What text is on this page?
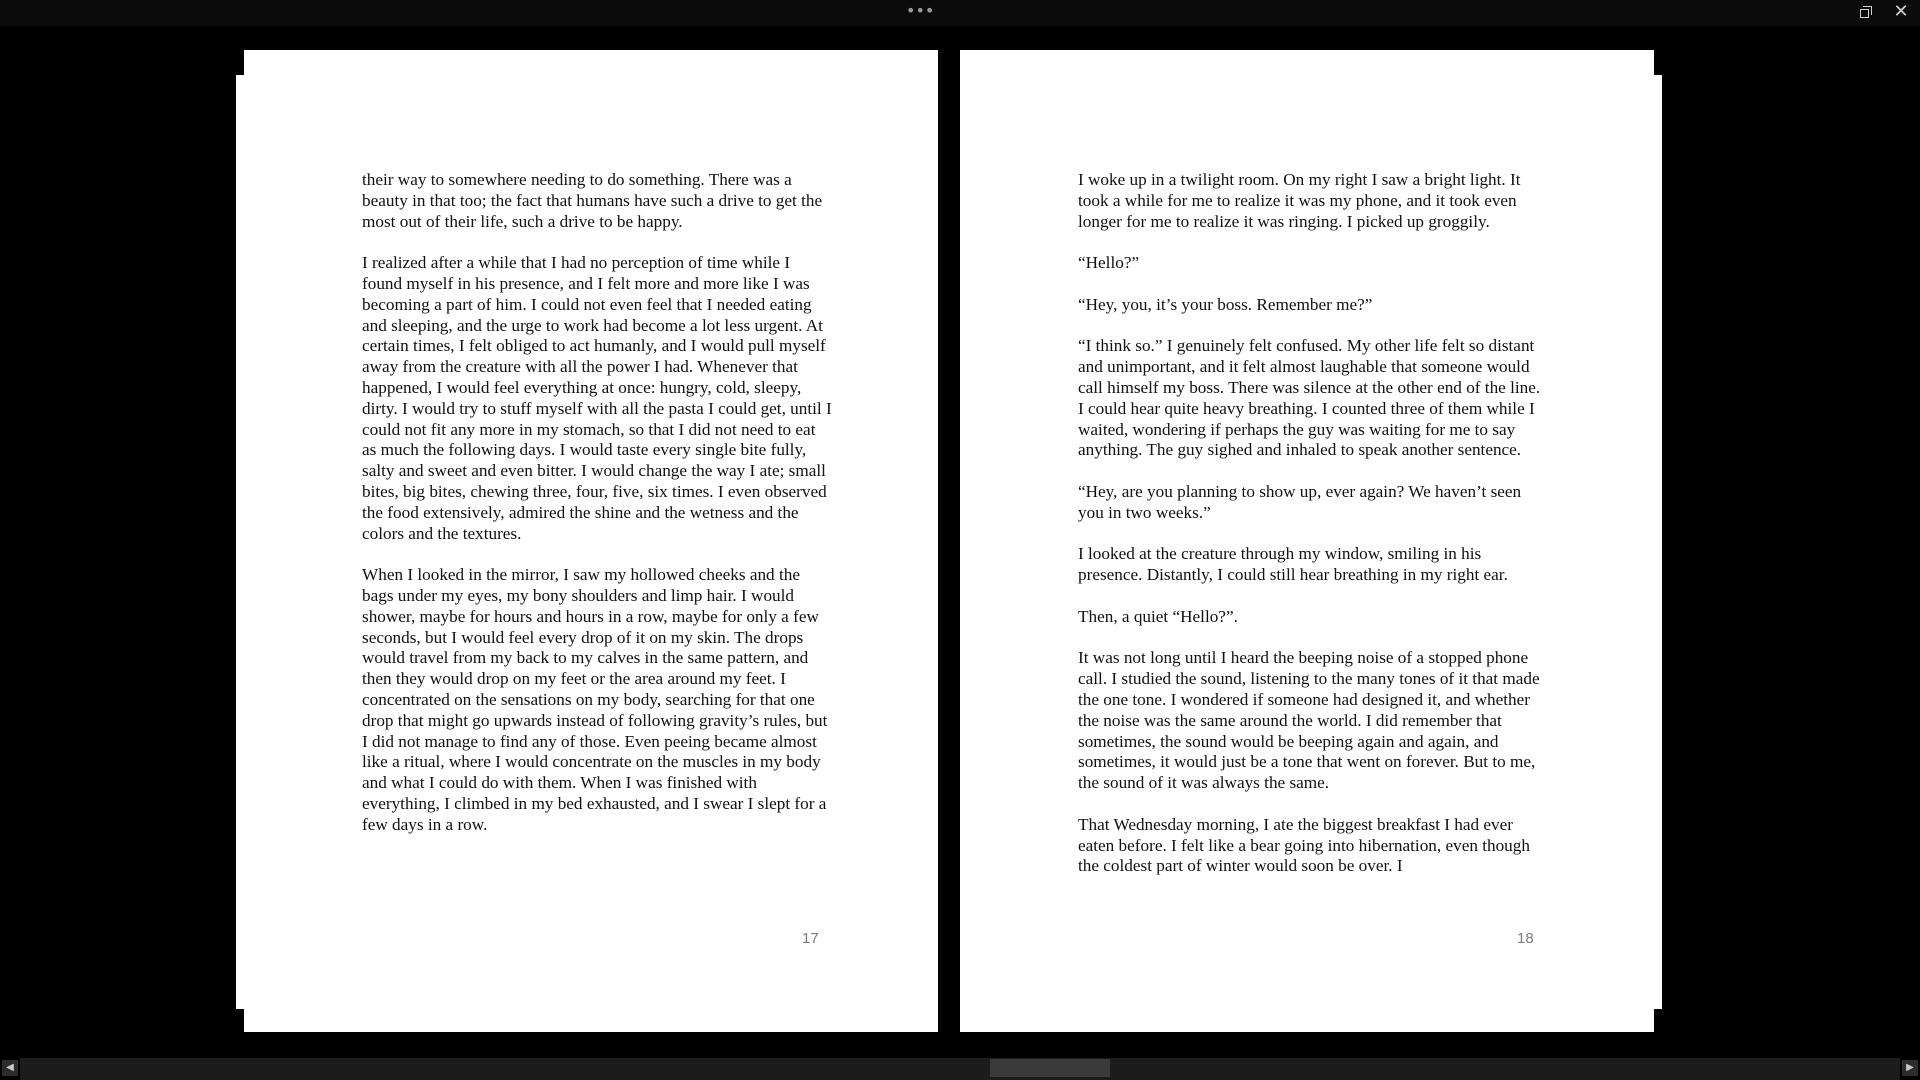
•••	✕

their way to somewhere needing to do something. There was a beauty in that too; the fact that humans have such a drive to get the most out of their life, such a drive to be happy.

I realized after a while that I had no perception of time while I found myself in his presence, and I felt more and more like I was becoming a part of him. I could not even feel that I needed eating and sleeping, and the urge to work had become a lot less urgent. At certain times, I felt obliged to act humanly, and I would pull myself away from the creature with all the power I had. Whenever that happened, I would feel everything at once: hungry, cold, sleepy, dirty. I would try to stuff myself with all the pasta I could get, until I could not fit any more in my stomach, so that I did not need to eat as much the following days. I would taste every single bite fully, salty and sweet and even bitter. I would change the way I ate; small bites, big bites, chewing three, four, five, six times. I even observed the food extensively, admired the shine and the wetness and the colors and the textures.

When I looked in the mirror, I saw my hollowed cheeks and the bags under my eyes, my bony shoulders and limp hair. I would shower, maybe for hours and hours in a row, maybe for only a few seconds, but I would feel every drop of it on my skin. The drops would travel from my back to my calves in the same pattern, and then they would drop on my feet or the area around my feet. I concentrated on the sensations on my body, searching for that one drop that might go upwards instead of following gravity’s rules, but I did not manage to find any of those. Even peeing became almost like a ritual, where I would concentrate on the muscles in my body and what I could do with them. When I was finished with everything, I climbed in my bed exhausted, and I swear I slept for a few days in a row.

17

I woke up in a twilight room. On my right I saw a bright light. It took a while for me to realize it was my phone, and it took even longer for me to realize it was ringing. I picked up groggily.

“Hello?”

“Hey, you, it’s your boss. Remember me?”

“I think so.” I genuinely felt confused. My other life felt so distant and unimportant, and it felt almost laughable that someone would call himself my boss. There was silence at the other end of the line. I could hear quite heavy breathing. I counted three of them while I waited, wondering if perhaps the guy was waiting for me to say anything. The guy sighed and inhaled to speak another sentence.

“Hey, are you planning to show up, ever again? We haven’t seen you in two weeks.”

I looked at the creature through my window, smiling in his presence. Distantly, I could still hear breathing in my right ear.

Then, a quiet “Hello?”.

It was not long until I heard the beeping noise of a stopped phone call. I studied the sound, listening to the many tones of it that made the one tone. I wondered if someone had designed it, and whether the noise was the same around the world. I did remember that sometimes, the sound would be beeping again and again, and sometimes, it would just be a tone that went on forever. But to me, the sound of it was always the same.

That Wednesday morning, I ate the biggest breakfast I had ever eaten before. I felt like a bear going into hibernation, even though the coldest part of winter would soon be over. I

18
◀	▶
